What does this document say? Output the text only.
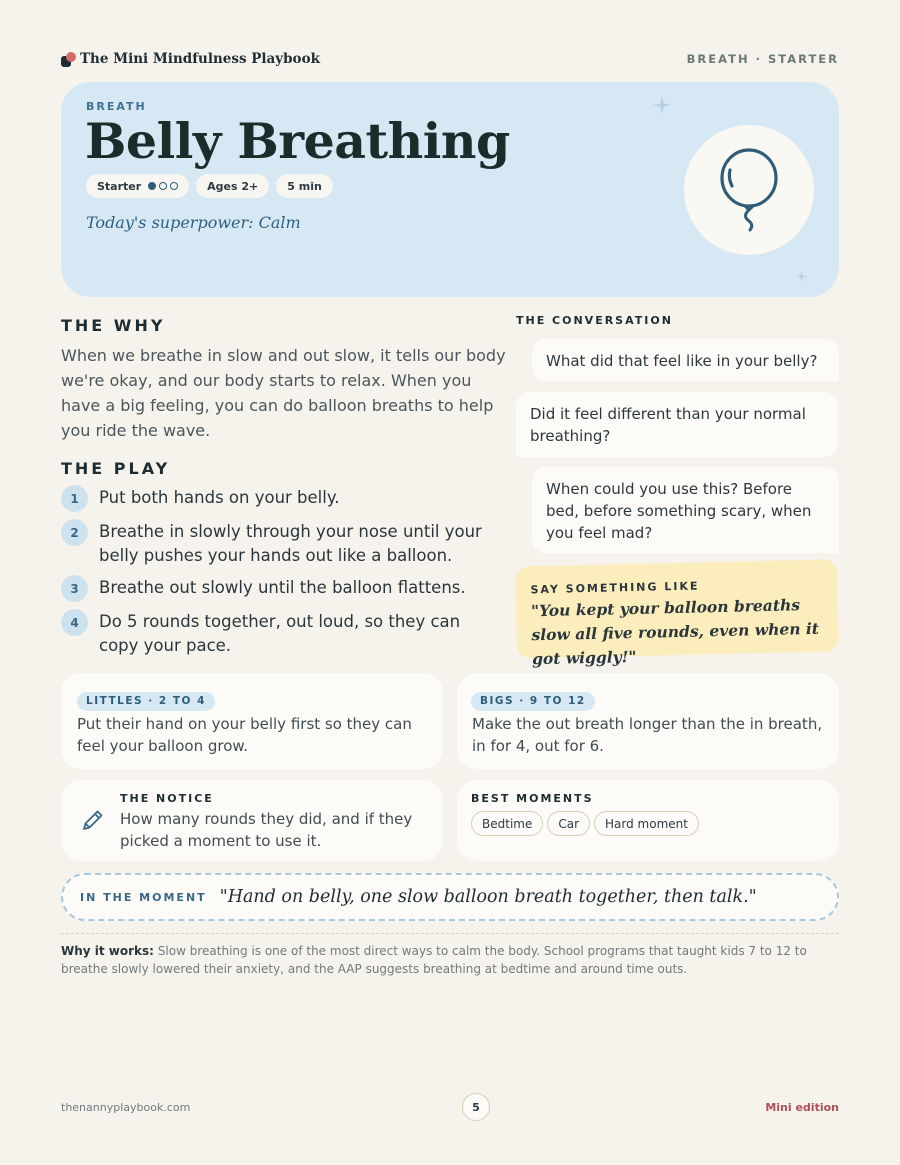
The Mini Mindfulness Playbook	BREATH · STARTER
BREATH
Belly Breathing
Starter	Ages 2+	5 min
Today's superpower: Calm
THE WHY
When we breathe in slow and out slow, it tells our body we're okay, and our body starts to relax. When you have a big feeling, you can do balloon breaths to help you ride the wave.
THE PLAY
1	Put both hands on your belly.
2	Breathe in slowly through your nose until your belly pushes your hands out like a balloon.
3	Breathe out slowly until the balloon flattens.
4	Do 5 rounds together, out loud, so they can copy your pace.
THE CONVERSATION
What did that feel like in your belly?
Did it feel different than your normal breathing?
When could you use this? Before bed, before something scary, when you feel mad?
SAY SOMETHING LIKE
"You kept your balloon breaths slow all five rounds, even when it got wiggly!"
LITTLES · 2 TO 4
Put their hand on your belly first so they can feel your balloon grow.
BIGS · 9 TO 12
Make the out breath longer than the in breath, in for 4, out for 6.
THE NOTICE
How many rounds they did, and if they picked a moment to use it.
BEST MOMENTS
Bedtime	Car	Hard moment
IN THE MOMENT "Hand on belly, one slow balloon breath together, then talk."
Why it works: Slow breathing is one of the most direct ways to calm the body. School programs that taught kids 7 to 12 to breathe slowly lowered their anxiety, and the AAP suggests breathing at bedtime and around time outs.
thenannyplaybook.com	5	Mini edition
